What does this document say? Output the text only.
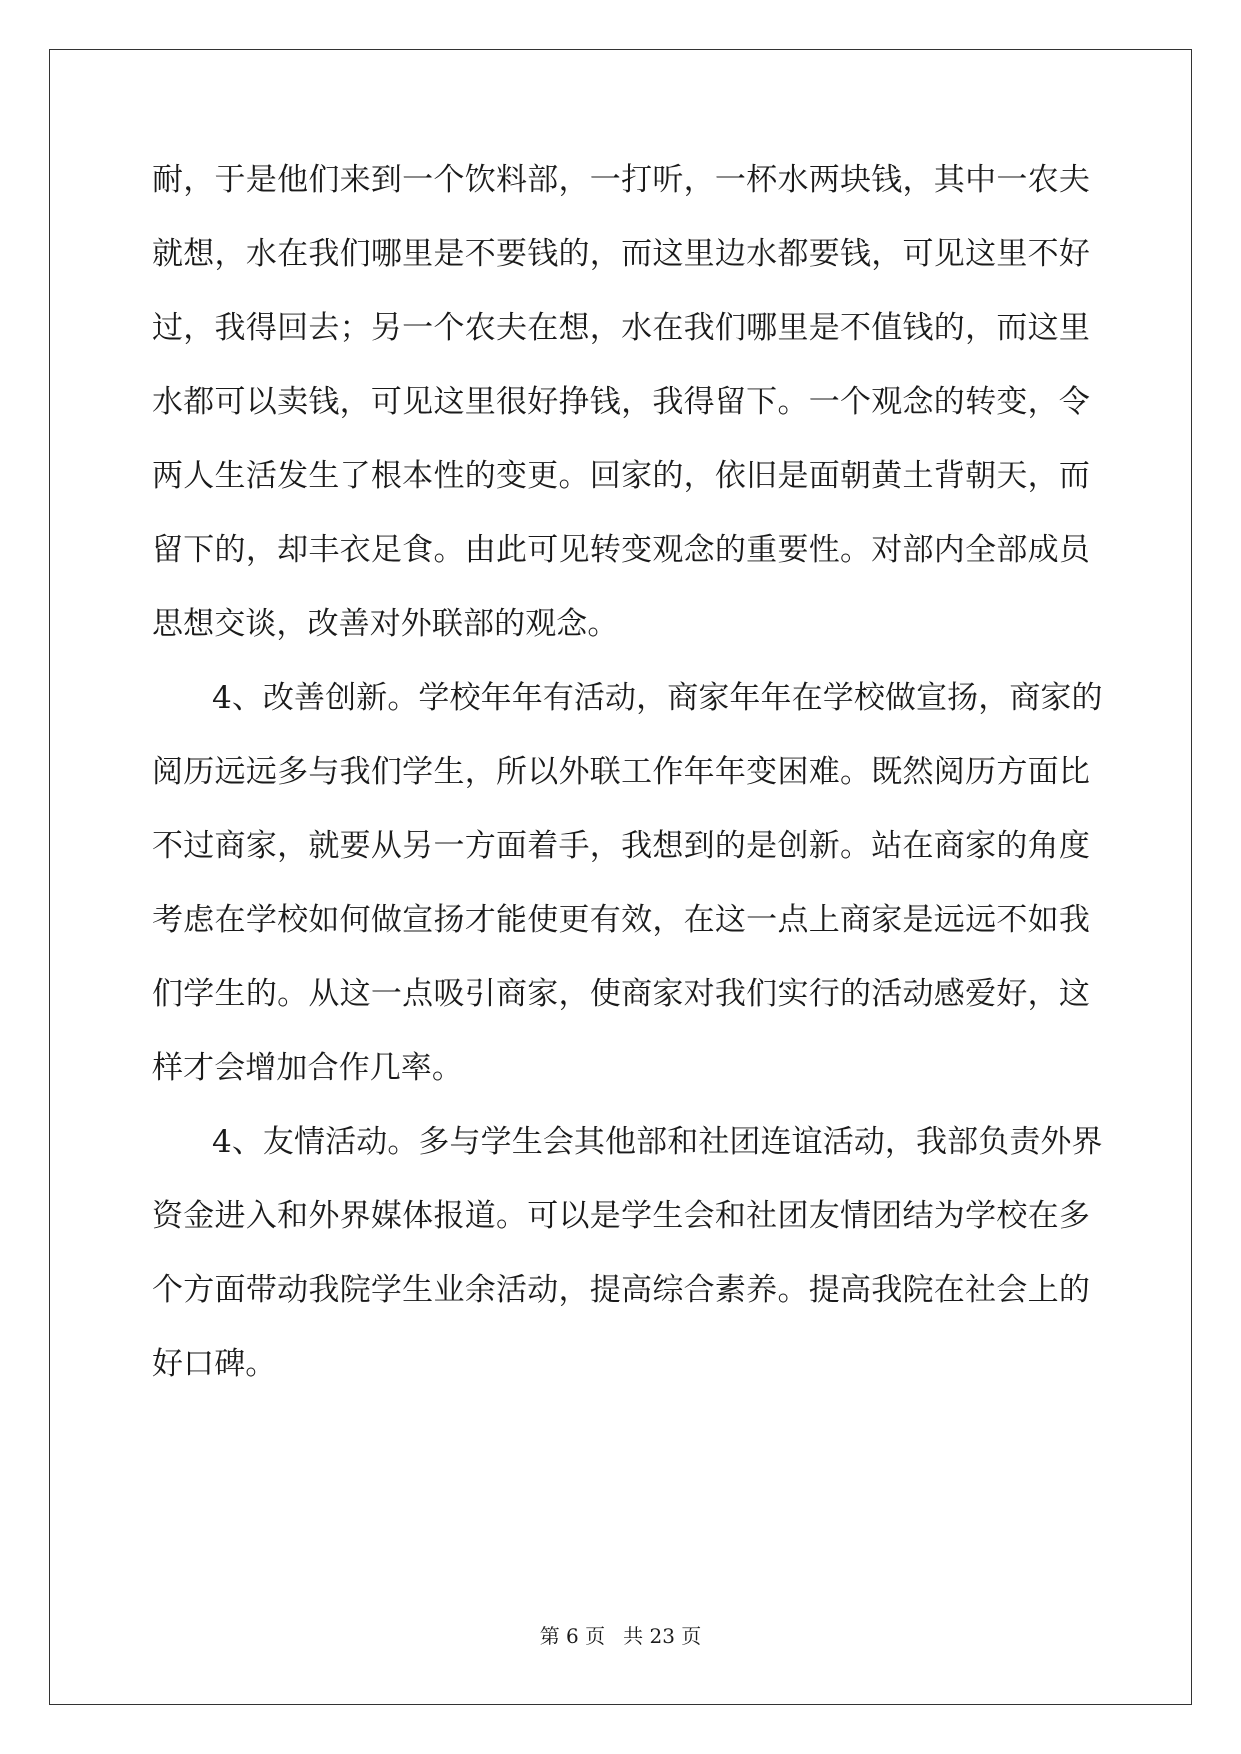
耐，于是他们来到一个饮料部，一打听，一杯水两块钱，其中一农夫
就想，水在我们哪里是不要钱的，而这里边水都要钱，可见这里不好
过，我得回去；另一个农夫在想，水在我们哪里是不值钱的，而这里
水都可以卖钱，可见这里很好挣钱，我得留下。一个观念的转变，令
两人生活发生了根本性的变更。回家的，依旧是面朝黄土背朝天，而
留下的，却丰衣足食。由此可见转变观念的重要性。对部内全部成员
思想交谈，改善对外联部的观念。
4、改善创新。学校年年有活动，商家年年在学校做宣扬，商家的
阅历远远多与我们学生，所以外联工作年年变困难。既然阅历方面比
不过商家，就要从另一方面着手，我想到的是创新。站在商家的角度
考虑在学校如何做宣扬才能使更有效，在这一点上商家是远远不如我
们学生的。从这一点吸引商家，使商家对我们实行的活动感爱好，这
样才会增加合作几率。
4、友情活动。多与学生会其他部和社团连谊活动，我部负责外界
资金进入和外界媒体报道。可以是学生会和社团友情团结为学校在多
个方面带动我院学生业余活动，提高综合素养。提高我院在社会上的
好口碑。
第 6 页 共 23 页
